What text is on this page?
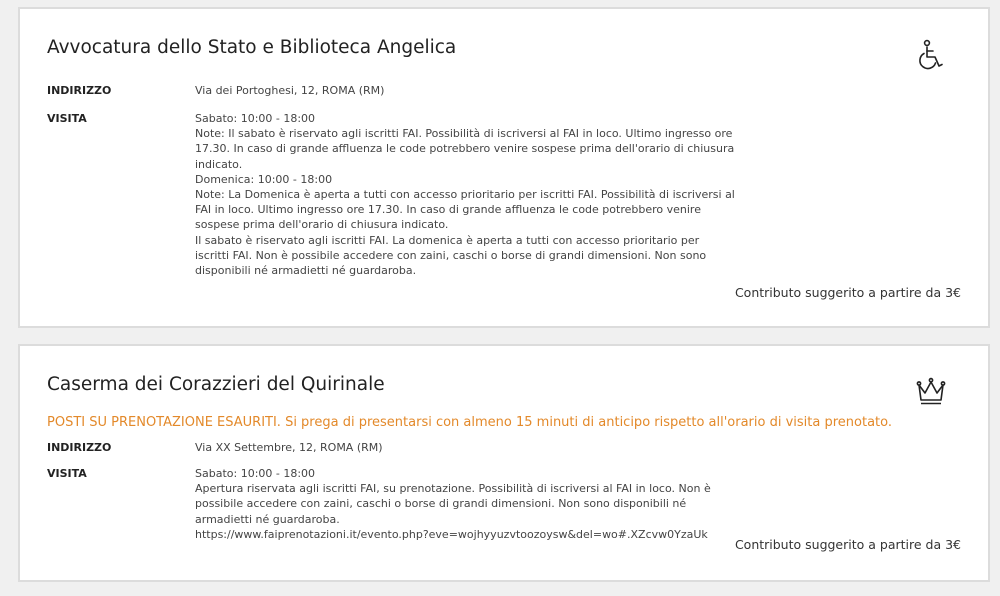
Avvocatura dello Stato e Biblioteca Angelica
INDIRIZZO	Via dei Portoghesi, 12, ROMA (RM)
VISITA	Sabato: 10:00 - 18:00

Note: Il sabato è riservato agli iscritti FAI. Possibilità di iscriversi al FAI in loco. Ultimo ingresso ore 17.30. In caso di grande affluenza le code potrebbero venire sospese prima dell'orario di chiusura indicato.

Domenica: 10:00 - 18:00

Note: La Domenica è aperta a tutti con accesso prioritario per iscritti FAI. Possibilità di iscriversi al FAI in loco. Ultimo ingresso ore 17.30. In caso di grande affluenza le code potrebbero venire sospese prima dell'orario di chiusura indicato.

Il sabato è riservato agli iscritti FAI. La domenica è aperta a tutti con accesso prioritario per iscritti FAI. Non è possibile accedere con zaini, caschi o borse di grandi dimensioni. Non sono disponibili né armadietti né guardaroba.

Contributo suggerito a partire da 3€
Caserma dei Corazzieri del Quirinale
POSTI SU PRENOTAZIONE ESAURITI. Si prega di presentarsi con almeno 15 minuti di anticipo rispetto all'orario di visita prenotato.
INDIRIZZO	Via XX Settembre, 12, ROMA (RM)
VISITA	Sabato: 10:00 - 18:00

Apertura riservata agli iscritti FAI, su prenotazione. Possibilità di iscriversi al FAI in loco. Non è possibile accedere con zaini, caschi o borse di grandi dimensioni. Non sono disponibili né armadietti né guardaroba.

https://www.faiprenotazioni.it/evento.php?eve=wojhyyuzvtoozoysw&del=wo#.XZcvw0YzaUk

Contributo suggerito a partire da 3€
